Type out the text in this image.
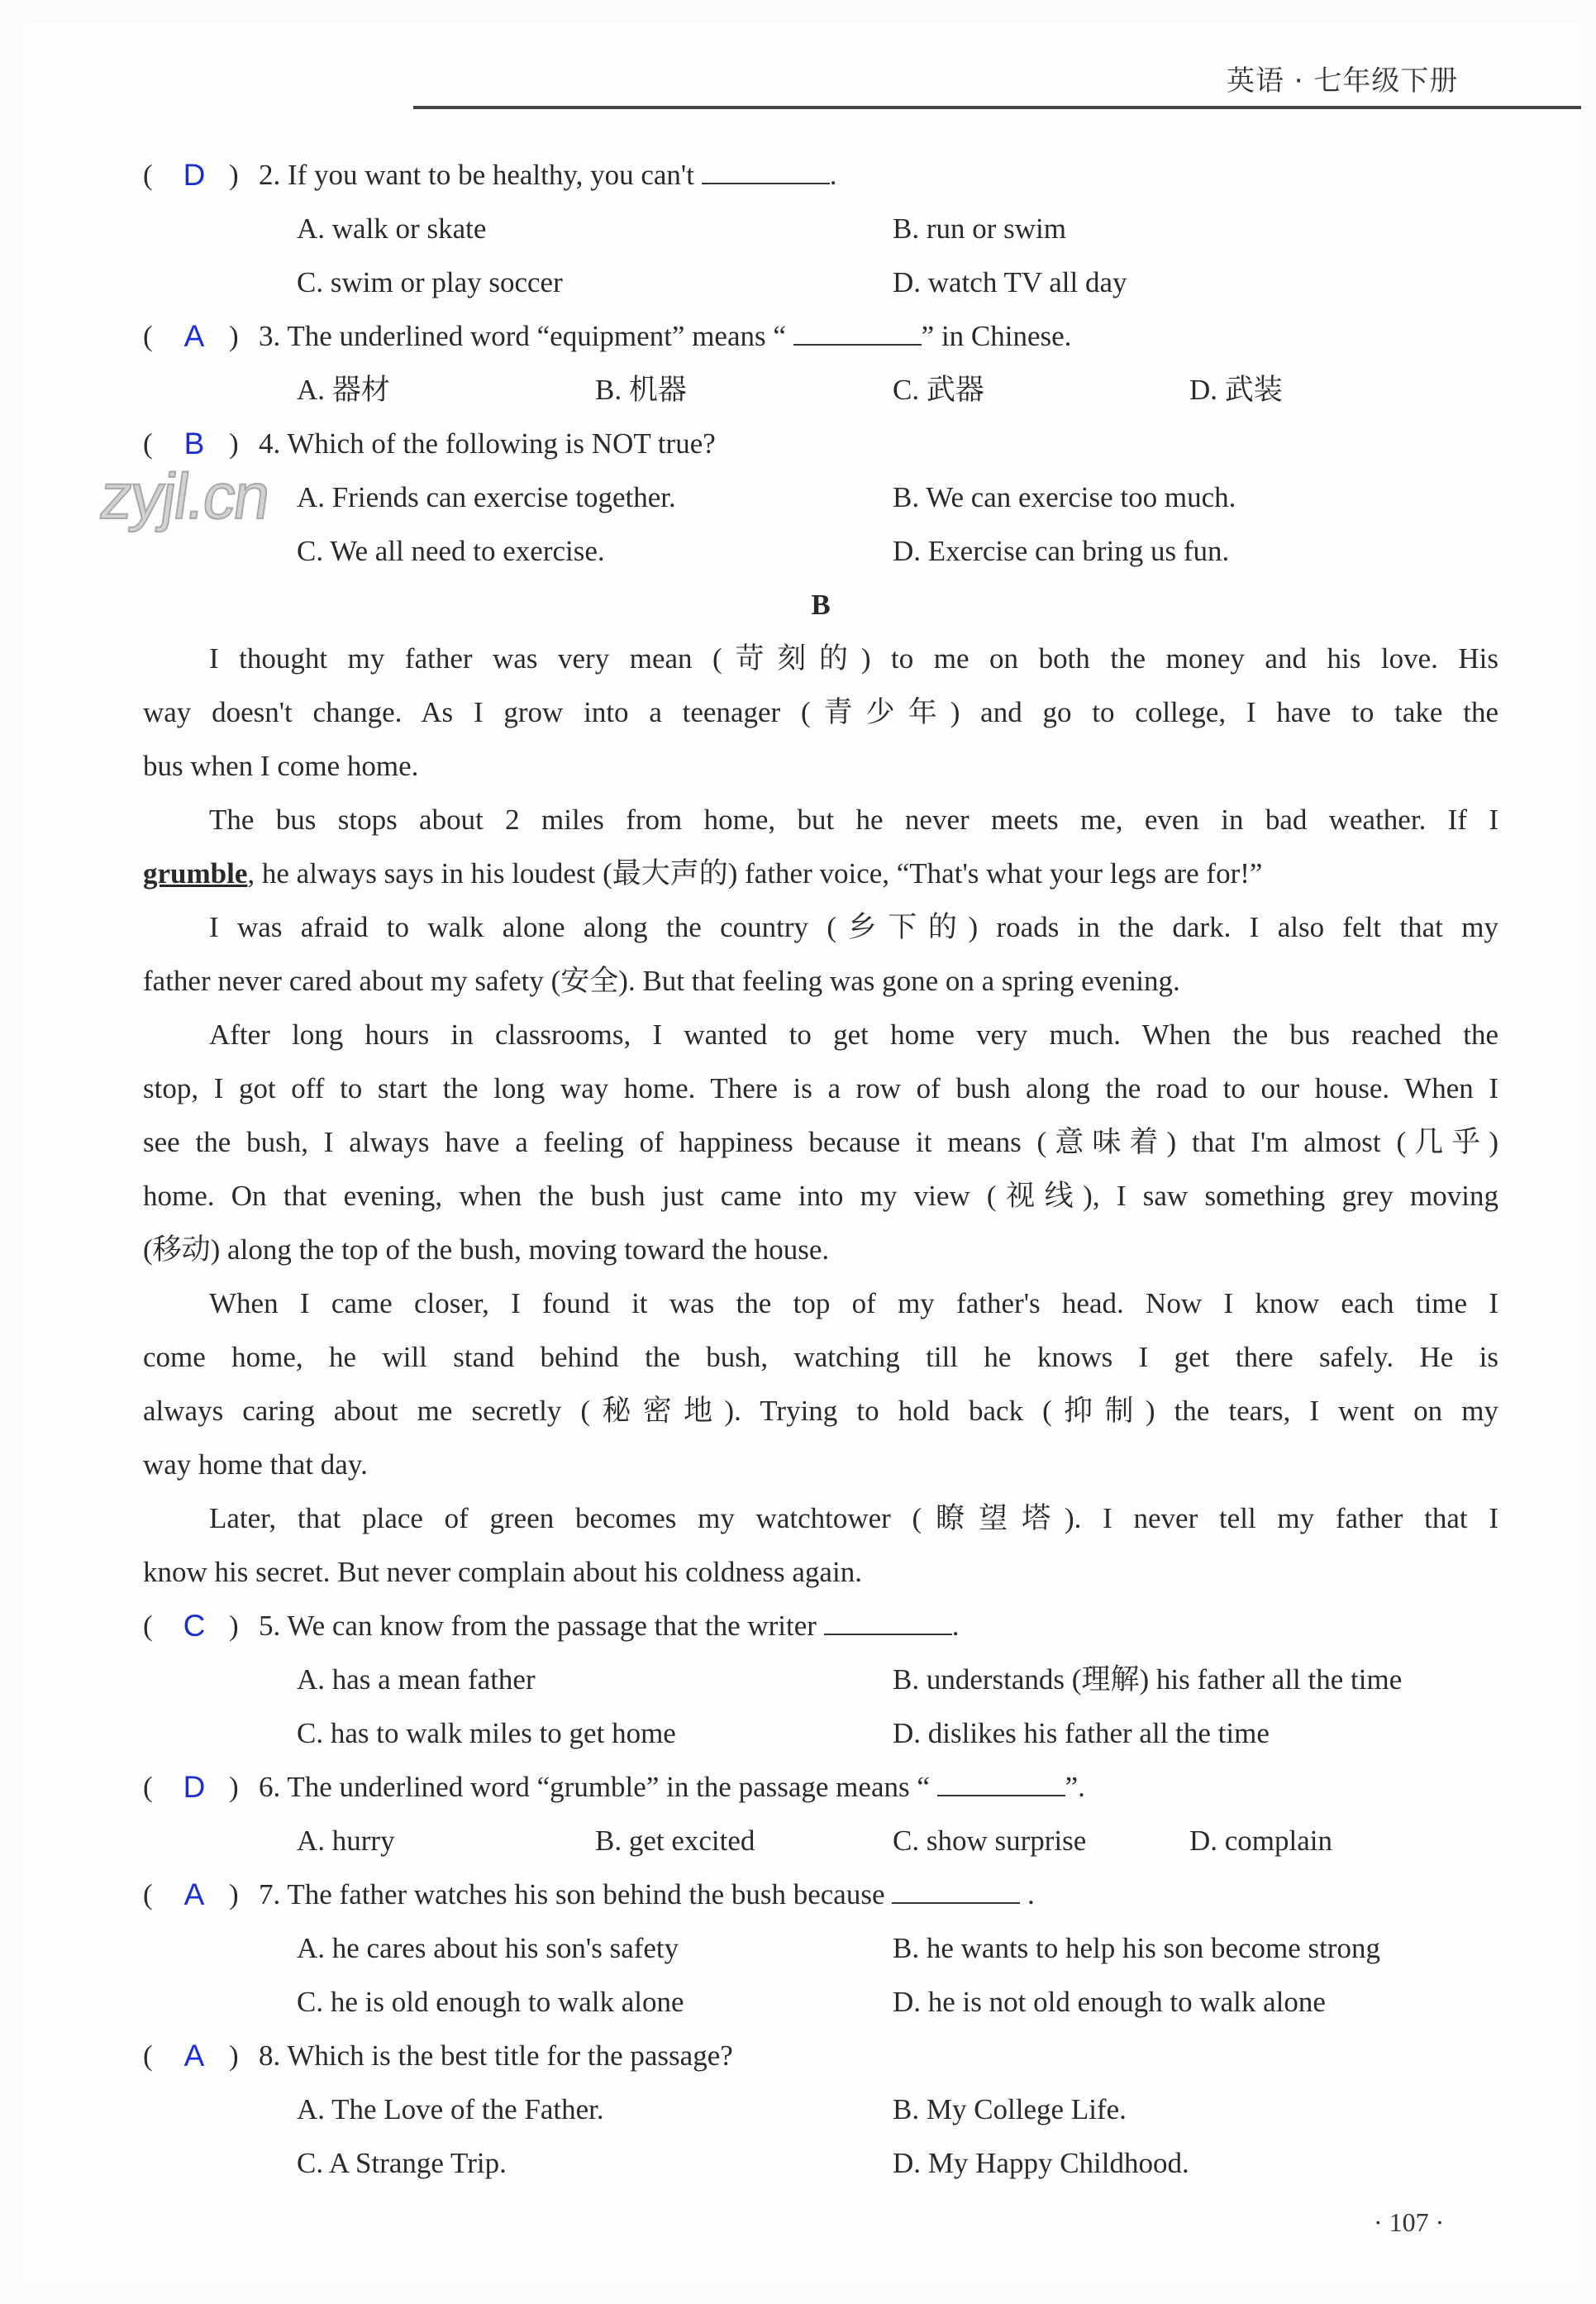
英语 · 七年级下册
zyjl.cn
( D ) 2. If you want to be healthy, you can't	.
A. walk or skate	B. run or swim
C. swim or play soccer	D. watch TV all day
( A ) 3. The underlined word “equipment” means “	” in Chinese.
A. 器材	B. 机器	C. 武器	D. 武装
( B ) 4. Which of the following is NOT true?
A. Friends can exercise together.	B. We can exercise too much.
C. We all need to exercise.	D. Exercise can bring us fun.
B
I thought my father was very mean (苛刻的) to me on both the money and his love. His
way doesn't change. As I grow into a teenager (青少年) and go to college, I have to take the
bus when I come home.
The bus stops about 2 miles from home, but he never meets me, even in bad weather. If I
grumble, he always says in his loudest (最大声的) father voice, “That's what your legs are for!”
I was afraid to walk alone along the country (乡下的) roads in the dark. I also felt that my
father never cared about my safety (安全). But that feeling was gone on a spring evening.
After long hours in classrooms, I wanted to get home very much. When the bus reached the
stop, I got off to start the long way home. There is a row of bush along the road to our house. When I
see the bush, I always have a feeling of happiness because it means (意味着) that I'm almost (几乎)
home. On that evening, when the bush just came into my view (视线), I saw something grey moving
(移动) along the top of the bush, moving toward the house.
When I came closer, I found it was the top of my father's head. Now I know each time I
come home, he will stand behind the bush, watching till he knows I get there safely. He is
always caring about me secretly (秘密地). Trying to hold back (抑制) the tears, I went on my
way home that day.
Later, that place of green becomes my watchtower (瞭望塔). I never tell my father that I
know his secret. But never complain about his coldness again.
( C ) 5. We can know from the passage that the writer	.
A. has a mean father	B. understands (理解) his father all the time
C. has to walk miles to get home	D. dislikes his father all the time
( D ) 6. The underlined word “grumble” in the passage means “	”.
A. hurry	B. get excited	C. show surprise	D. complain
( A ) 7. The father watches his son behind the bush because	.
A. he cares about his son's safety	B. he wants to help his son become strong
C. he is old enough to walk alone	D. he is not old enough to walk alone
( A ) 8. Which is the best title for the passage?
A. The Love of the Father.	B. My College Life.
C. A Strange Trip.	D. My Happy Childhood.
· 107 ·
